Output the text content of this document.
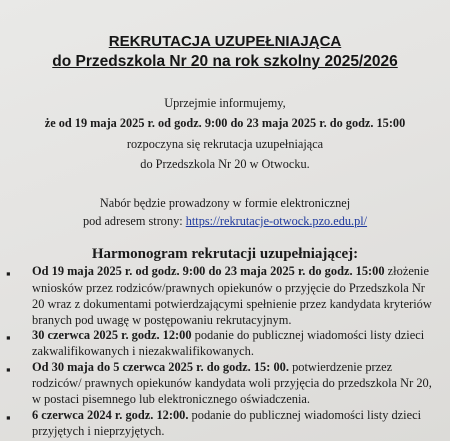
REKRUTACJA UZUPEŁNIAJĄCA
do Przedszkola Nr 20 na rok szkolny 2025/2026
Uprzejmie informujemy,
że od 19 maja 2025 r. od godz. 9:00 do 23 maja 2025 r. do godz. 15:00
rozpoczyna się rekrutacja uzupełniająca
do Przedszkola Nr 20 w Otwocku.
Nabór będzie prowadzony w formie elektronicznej
pod adresem strony: https://rekrutacje-otwock.pzo.edu.pl/
Harmonogram rekrutacji uzupełniającej:
▪ Od 19 maja 2025 r. od godz. 9:00 do 23 maja 2025 r. do godz. 15:00 złożenie
wniosków przez rodziców/prawnych opiekunów o przyjęcie do Przedszkola Nr
20 wraz z dokumentami potwierdzającymi spełnienie przez kandydata kryteriów
branych pod uwagę w postępowaniu rekrutacyjnym.
▪ 30 czerwca 2025 r. godz. 12:00 podanie do publicznej wiadomości listy dzieci
zakwalifikowanych i niezakwalifikowanych.
▪ Od 30 maja do 5 czerwca 2025 r. do godz. 15: 00. potwierdzenie przez
rodziców/ prawnych opiekunów kandydata woli przyjęcia do przedszkola Nr 20,
w postaci pisemnego lub elektronicznego oświadczenia.
▪ 6 czerwca 2024 r. godz. 12:00. podanie do publicznej wiadomości listy dzieci
przyjętych i nieprzyjętych.
